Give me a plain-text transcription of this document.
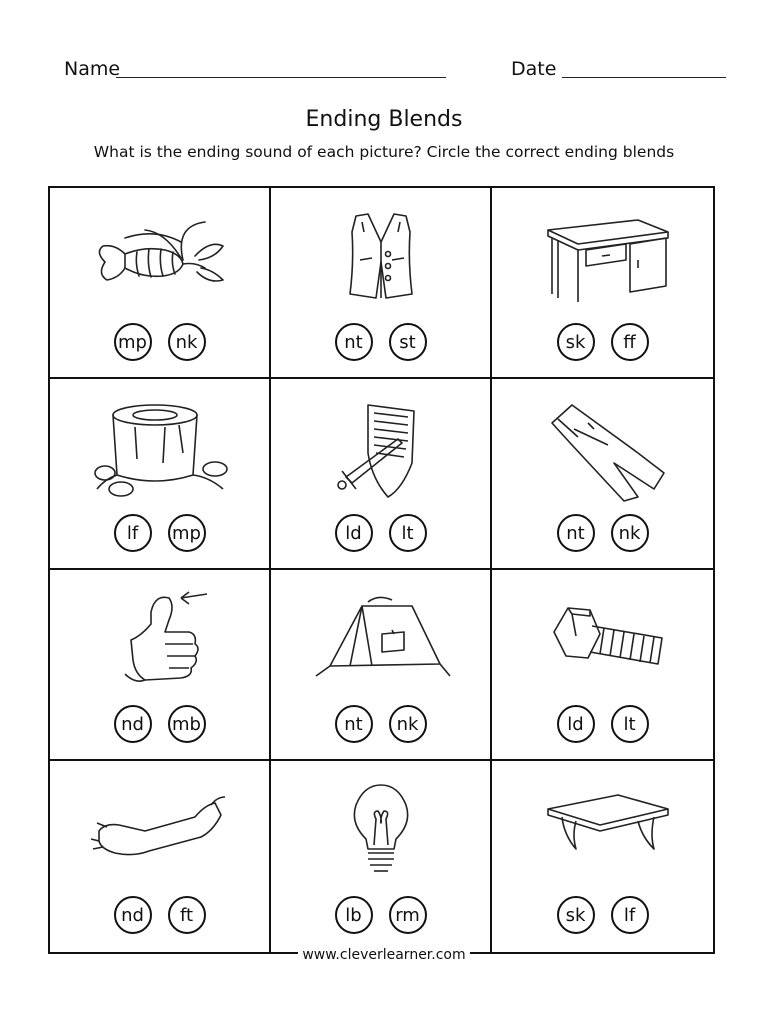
Name	Date
Ending Blends
What is the ending sound of each picture? Circle the correct ending blends
mp	nk	nt	st	sk	ff
lf	mp	ld	lt	nt	nk
nd	mb	nt	nk	ld	lt
nd	ft	lb	rm	sk	lf
www.cleverlearner.com
